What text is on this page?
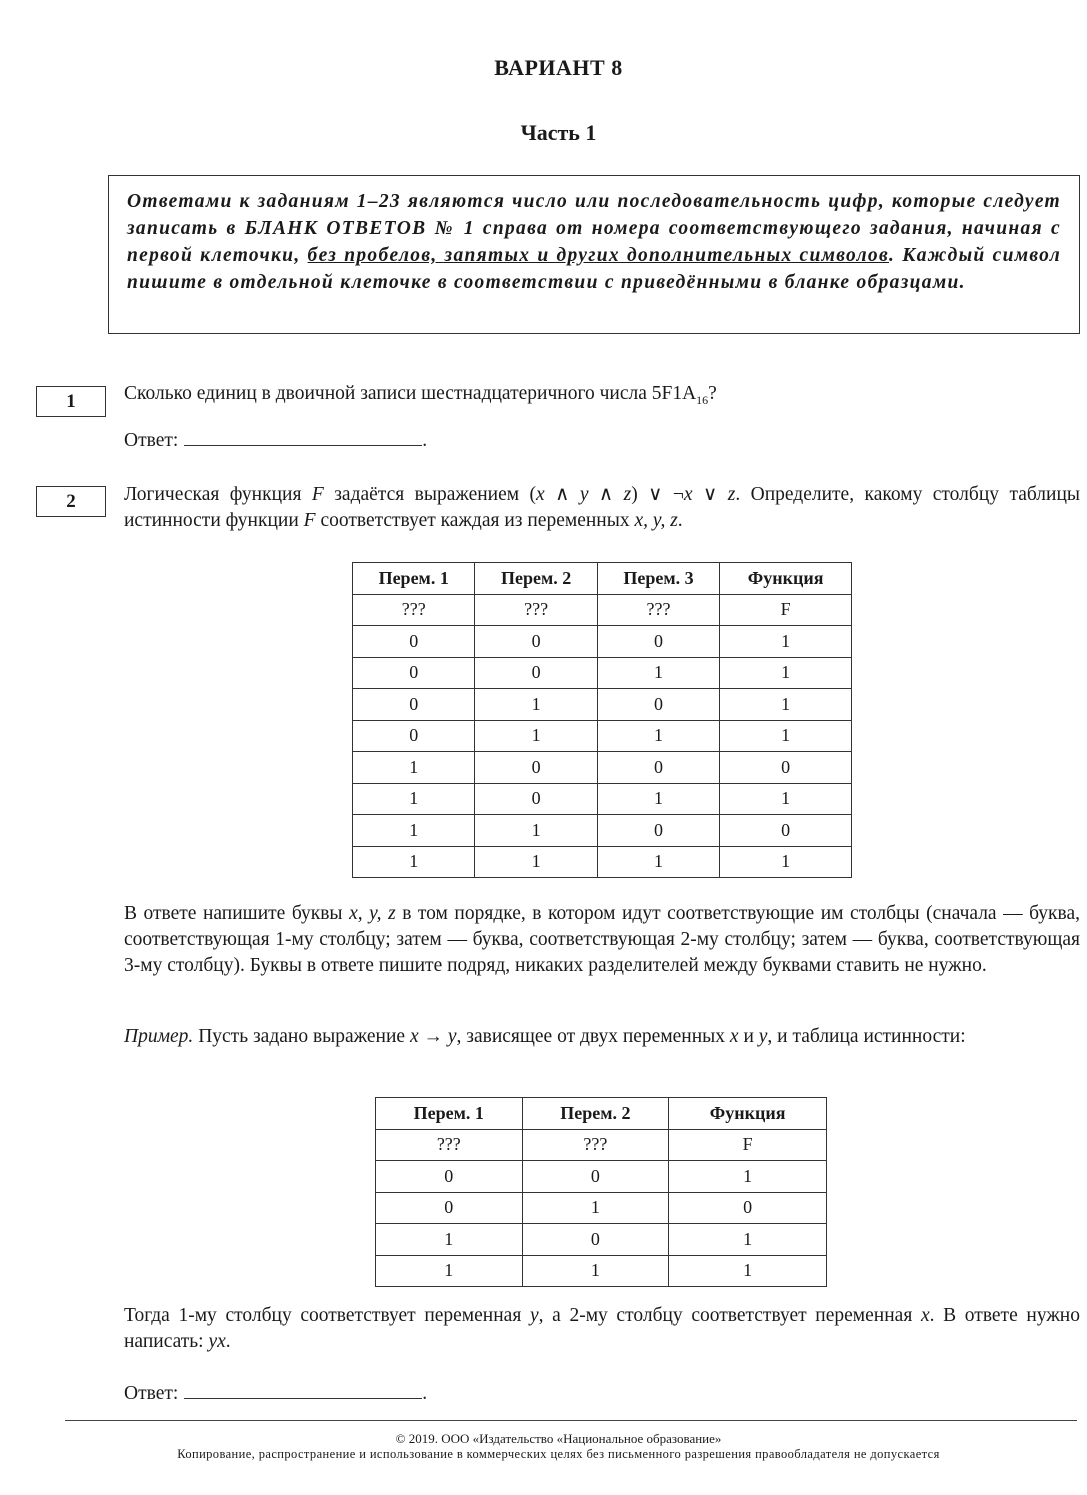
ВАРИАНТ 8
Часть 1
Ответами к заданиям 1–23 являются число или последовательность цифр, которые следует записать в БЛАНК ОТВЕТОВ № 1 справа от номера соответствующего задания, начиная с первой клеточки, без пробелов, запятых и других дополнительных символов. Каждый символ пишите в отдельной клеточке в соответствии с приведёнными в бланке образцами.
1	Сколько единиц в двоичной записи шестнадцатеричного числа $5F1A_{16}$?
Ответ:	.
2	Логическая функция F задаётся выражением (x ∧ y ∧ z) ∨ ¬x ∨ z. Определите, какому столбцу таблицы истинности функции F соответствует каждая из переменных x, y, z.
Перем. 1	Перем. 2	Перем. 3	Функция
???	???	???	F
0	0	0	1
0	0	1	1
0	1	0	1
0	1	1	1
1	0	0	0
1	0	1	1
1	1	0	0
1	1	1	1
В ответе напишите буквы x, y, z в том порядке, в котором идут соответствующие им столбцы (сначала — буква, соответствующая 1-му столбцу; затем — буква, соответствующая 2-му столбцу; затем — буква, соответствующая 3-му столбцу). Буквы в ответе пишите подряд, никаких разделителей между буквами ставить не нужно.
Пример. Пусть задано выражение x → y, зависящее от двух переменных x и y, и таблица истинности:
Перем. 1	Перем. 2	Функция
???	???	F
0	0	1
0	1	0
1	0	1
1	1	1
Тогда 1-му столбцу соответствует переменная y, а 2-му столбцу соответствует переменная x. В ответе нужно написать: yx.
Ответ:	.
© 2019. ООО «Издательство «Национальное образование»
Копирование, распространение и использование в коммерческих целях без письменного разрешения правообладателя не допускается
